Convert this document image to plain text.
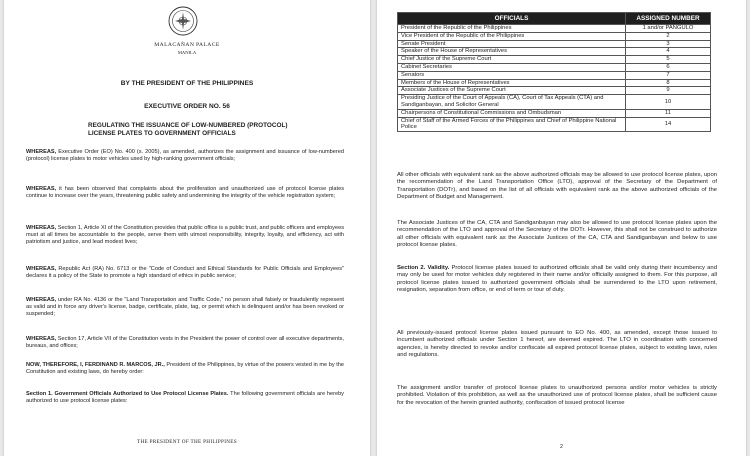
MALACAÑAN PALACE
MANILA
BY THE PRESIDENT OF THE PHILIPPINES
EXECUTIVE ORDER NO. 56
REGULATING THE ISSUANCE OF LOW-NUMBERED (PROTOCOL)
LICENSE PLATES TO GOVERNMENT OFFICIALS
WHEREAS, Executive Order (EO) No. 400 (s. 2005), as amended, authorizes the assignment and issuance of low-numbered (protocol) license plates to motor vehicles used by high-ranking government officials;
WHEREAS, it has been observed that complaints about the proliferation and unauthorized use of protocol license plates continue to increase over the years, threatening public safety and undermining the integrity of the vehicle registration system;
WHEREAS, Section 1, Article XI of the Constitution provides that public office is a public trust, and public officers and employees must at all times be accountable to the people, serve them with utmost responsibility, integrity, loyalty, and efficiency, act with patriotism and justice, and lead modest lives;
WHEREAS, Republic Act (RA) No. 6713 or the "Code of Conduct and Ethical Standards for Public Officials and Employees" declares it a policy of the State to promote a high standard of ethics in public service;
WHEREAS, under RA No. 4136 or the "Land Transportation and Traffic Code," no person shall falsely or fraudulently represent as valid and in force any driver's license, badge, certificate, plate, tag, or permit which is delinquent and/or has been revoked or suspended;
WHEREAS, Section 17, Article VII of the Constitution vests in the President the power of control over all executive departments, bureaus, and offices;
NOW, THEREFORE, I, FERDINAND R. MARCOS, JR., President of the Philippines, by virtue of the powers vested in me by the Constitution and existing laws, do hereby order:
Section 1. Government Officials Authorized to Use Protocol License Plates. The following government officials are hereby authorized to use protocol license plates:
THE PRESIDENT OF THE PHILIPPINES
OFFICIALS	ASSIGNED NUMBER
President of the Republic of the Philippines	1 and/or PANGULO
Vice President of the Republic of the Philippines	2
Senate President	3
Speaker of the House of Representatives	4
Chief Justice of the Supreme Court	5
Cabinet Secretaries	6
Senators	7
Members of the House of Representatives	8
Associate Justices of the Supreme Court	9
Presiding Justice of the Court of Appeals (CA), Court of Tax Appeals (CTA) and Sandiganbayan, and Solicitor General	10
Chairpersons of Constitutional Commissions and Ombudsman	11
Chief of Staff of the Armed Forces of the Philippines and Chief of Philippine National Police	14
All other officials with equivalent rank as the above authorized officials may be allowed to use protocol license plates, upon the recommendation of the Land Transportation Office (LTO), approval of the Secretary of the Department of Transportation (DOTr), and based on the list of all officials with equivalent rank as the above authorized officials of the Department of Budget and Management.
The Associate Justices of the CA, CTA and Sandiganbayan may also be allowed to use protocol license plates upon the recommendation of the LTO and approval of the Secretary of the DOTr. However, this shall not be construed to authorize all other officials with equivalent rank as the Associate Justices of the CA, CTA and Sandiganbayan and below to use protocol license plates.
Section 2. Validity. Protocol license plates issued to authorized officials shall be valid only during their incumbency and may only be used for motor vehicles duly registered in their name and/or officially assigned to them. For this purpose, all protocol license plates issued to authorized government officials shall be surrendered to the LTO upon retirement, resignation, separation from office, or end of term or tour of duty.
All previously-issued protocol license plates issued pursuant to EO No. 400, as amended, except those issued to incumbent authorized officials under Section 1 hereof, are deemed expired. The LTO in coordination with concerned agencies, is hereby directed to revoke and/or confiscate all expired protocol license plates, subject to existing laws, rules and regulations.
The assignment and/or transfer of protocol license plates to unauthorized persons and/or motor vehicles is strictly prohibited. Violation of this prohibition, as well as the unauthorized use of protocol license plates, shall be sufficient cause for the revocation of the herein granted authority, confiscation of issued protocol license
2
